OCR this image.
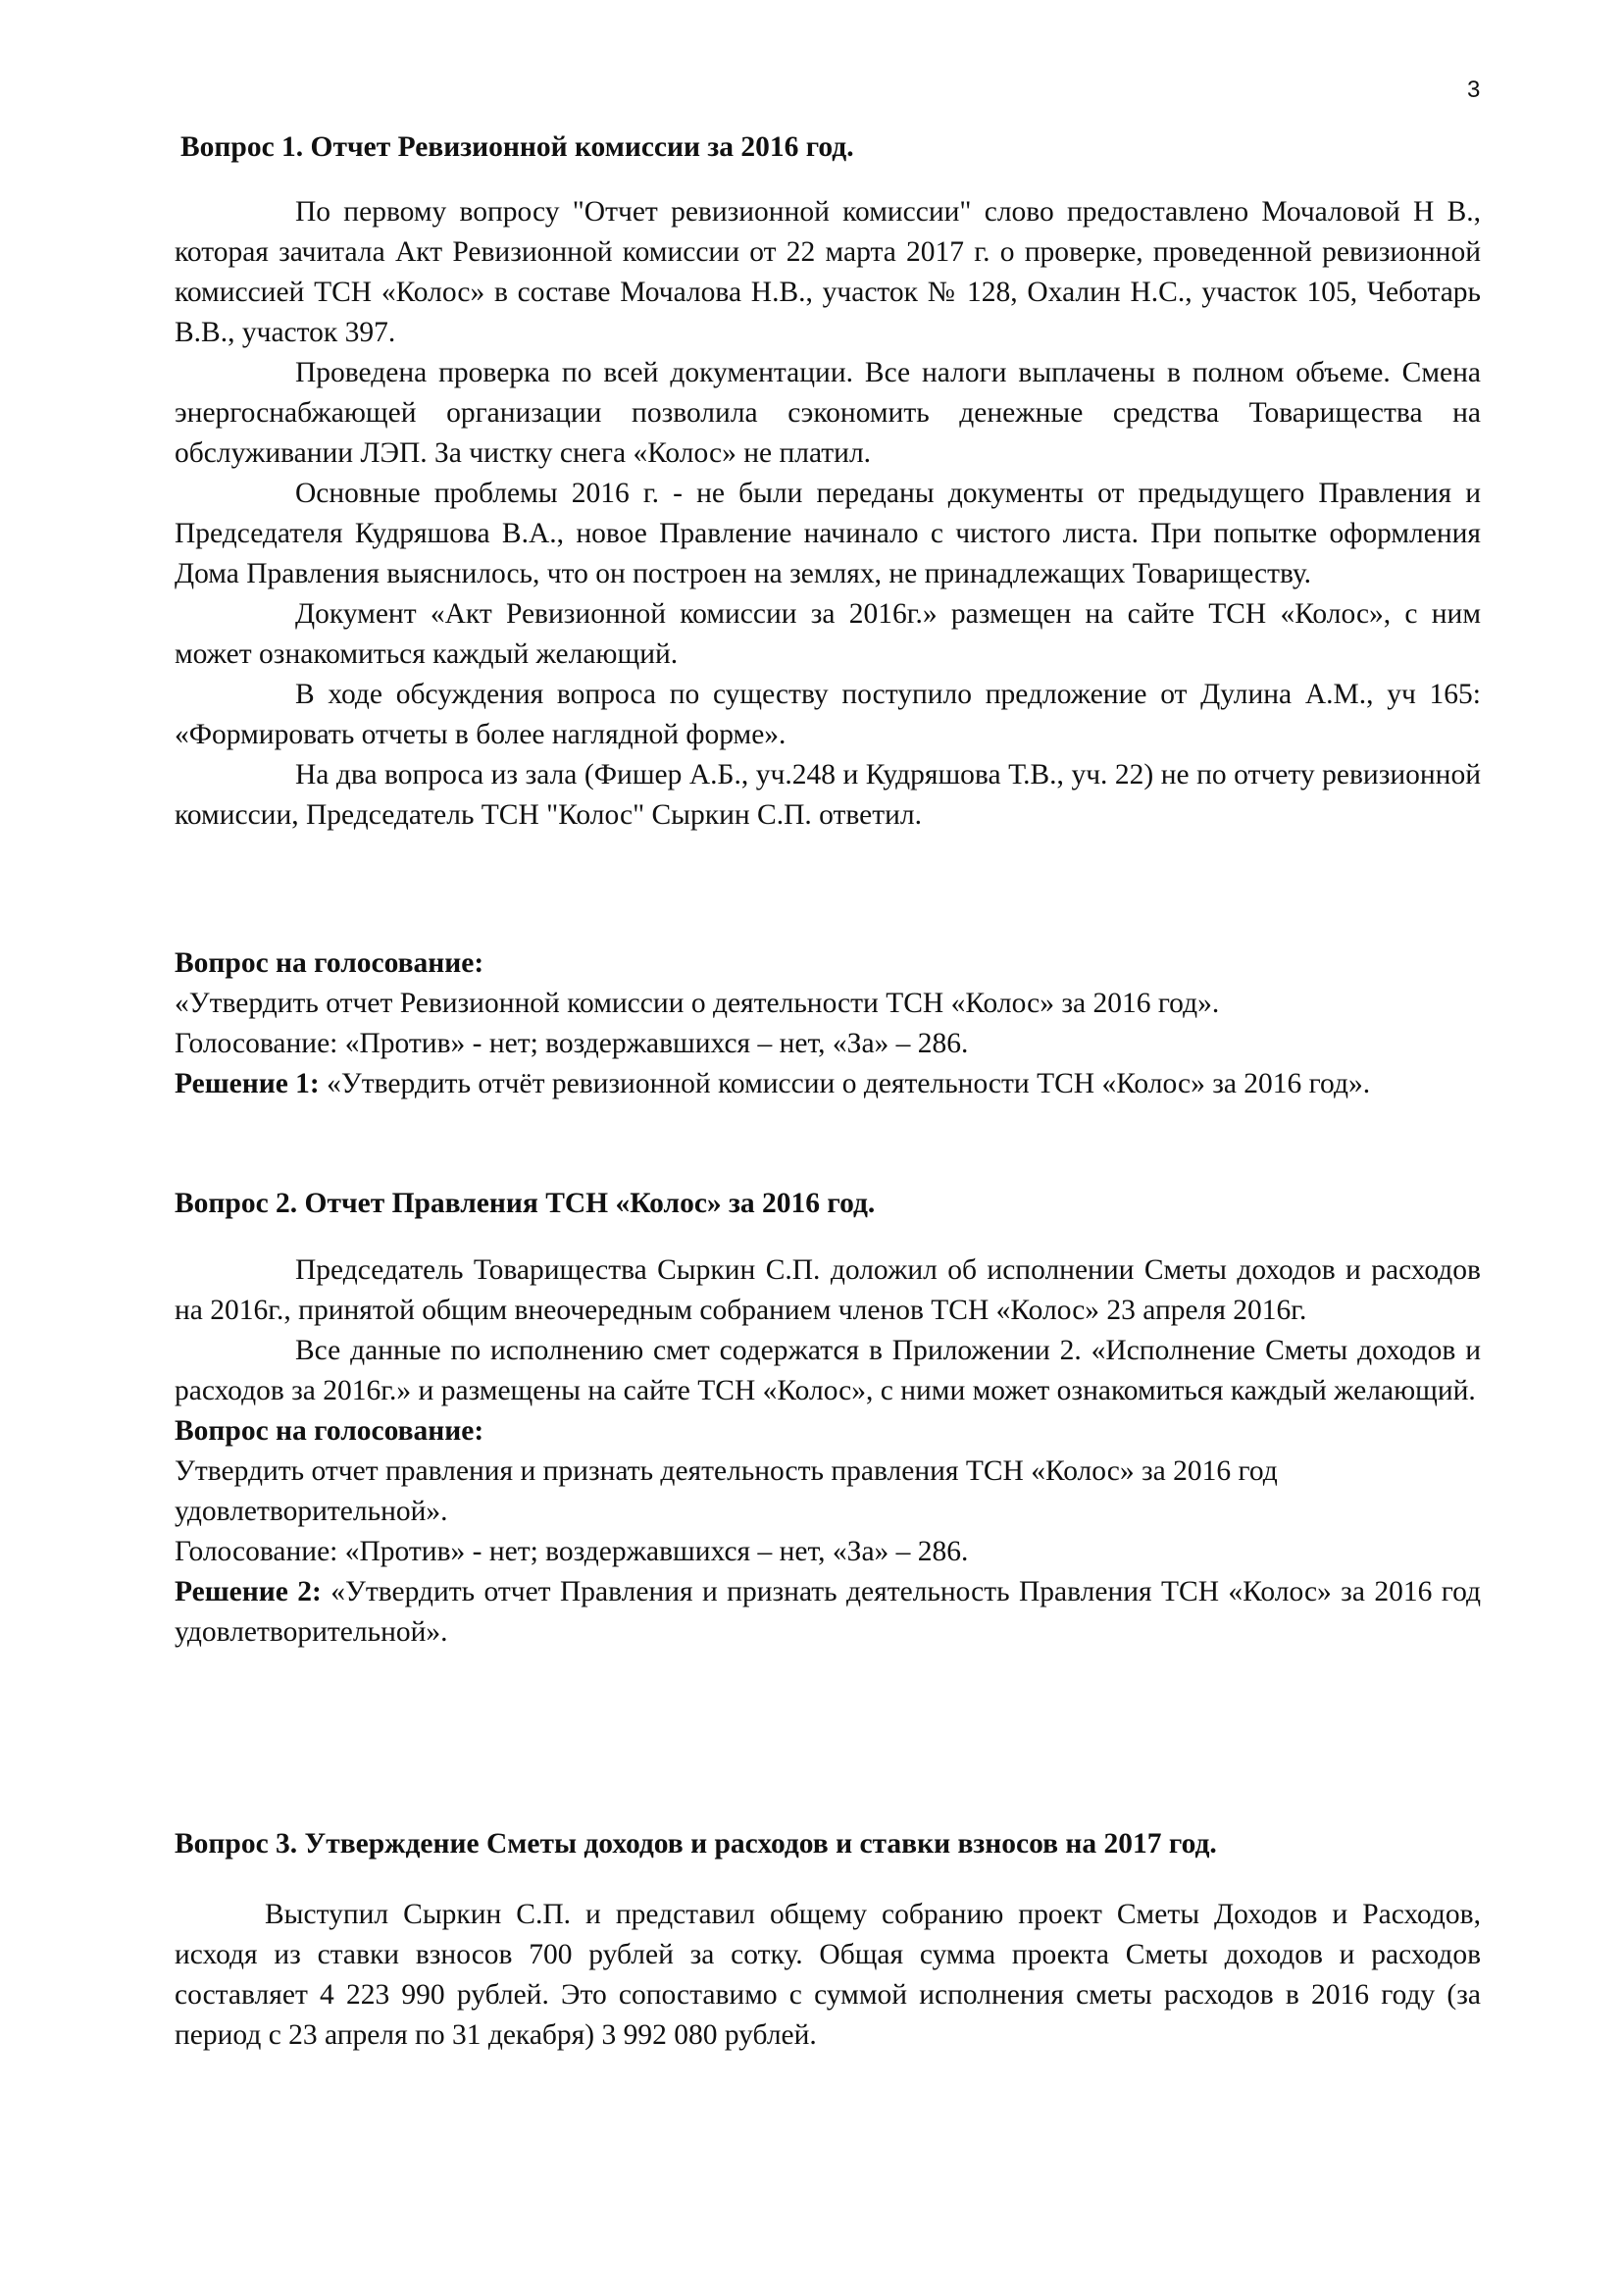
3

Вопрос 1. Отчет Ревизионной комиссии за 2016 год.

По первому вопросу "Отчет ревизионной комиссии" слово предоставлено Мочаловой Н В., которая зачитала Акт Ревизионной комиссии от 22 марта 2017 г. о проверке, проведенной ревизионной комиссией ТСН «Колос» в составе Мочалова Н.В., участок № 128, Охалин Н.С., участок 105, Чеботарь В.В., участок 397.

Проведена проверка по всей документации. Все налоги выплачены в полном объеме. Смена энергоснабжающей организации позволила сэкономить денежные средства Товарищества на обслуживании ЛЭП. За чистку снега «Колос» не платил.

Основные проблемы 2016 г. - не были переданы документы от предыдущего Правления и Председателя Кудряшова В.А., новое Правление начинало с чистого листа. При попытке оформления Дома Правления выяснилось, что он построен на землях, не принадлежащих Товариществу.

Документ «Акт Ревизионной комиссии за 2016г.» размещен на сайте ТСН «Колос», с ним может ознакомиться каждый желающий.

В ходе обсуждения вопроса по существу поступило предложение от Дулина А.М., уч 165: «Формировать отчеты в более наглядной форме».

На два вопроса из зала (Фишер А.Б., уч.248 и Кудряшова Т.В., уч. 22) не по отчету ревизионной комиссии, Председатель ТСН "Колос" Сыркин С.П. ответил.

Вопрос на голосование:

«Утвердить отчет Ревизионной комиссии о деятельности ТСН «Колос» за 2016 год».

Голосование: «Против» - нет; воздержавшихся – нет, «За» – 286.

Решение 1: «Утвердить отчёт ревизионной комиссии о деятельности ТСН «Колос» за 2016 год».

Вопрос 2. Отчет Правления ТСН «Колос» за 2016 год.

Председатель Товарищества Сыркин С.П. доложил об исполнении Сметы доходов и расходов на 2016г., принятой общим внеочередным собранием членов ТСН «Колос» 23 апреля 2016г.

Все данные по исполнению смет содержатся в Приложении 2. «Исполнение Сметы доходов и расходов за 2016г.» и размещены на сайте ТСН «Колос», с ними может ознакомиться каждый желающий.

Вопрос на голосование:

Утвердить отчет правления и признать деятельность правления ТСН «Колос» за 2016 год удовлетворительной».

Голосование: «Против» - нет; воздержавшихся – нет, «За» – 286.

Решение 2: «Утвердить отчет Правления и признать деятельность Правления ТСН «Колос» за 2016 год удовлетворительной».

Вопрос 3. Утверждение Сметы доходов и расходов и ставки взносов на 2017 год.

Выступил Сыркин С.П. и представил общему собранию проект Сметы Доходов и Расходов, исходя из ставки взносов 700 рублей за сотку. Общая сумма проекта Сметы доходов и расходов составляет 4 223 990 рублей. Это сопоставимо с суммой исполнения сметы расходов в 2016 году (за период с 23 апреля по 31 декабря) 3 992 080 рублей.
